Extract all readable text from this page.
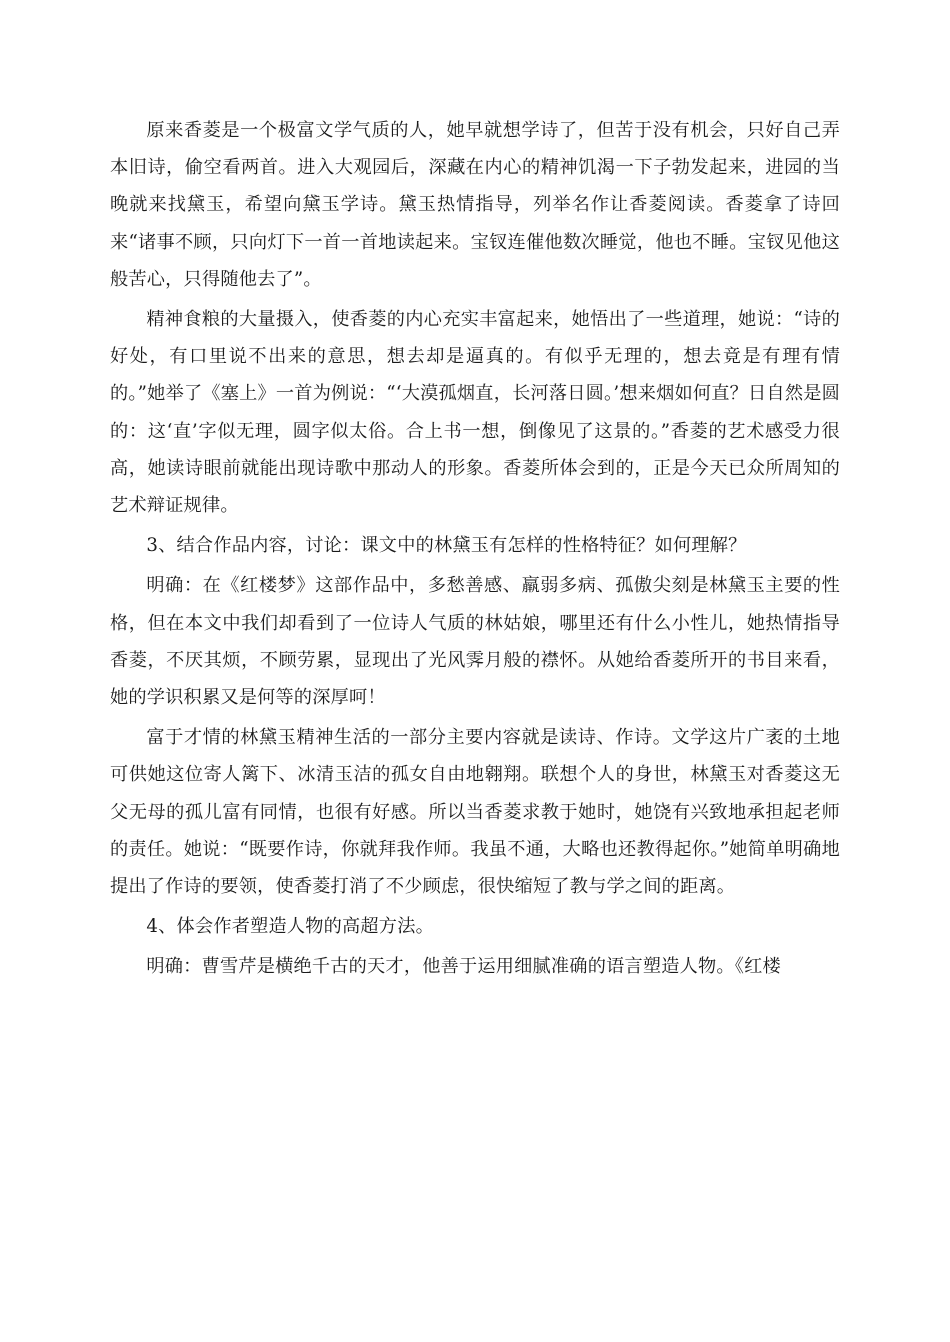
原来香菱是一个极富文学气质的人，她早就想学诗了，但苦于没有机会，只好自己弄本旧诗，偷空看两首。进入大观园后，深藏在内心的精神饥渴一下子勃发起来，进园的当晚就来找黛玉，希望向黛玉学诗。黛玉热情指导，列举名作让香菱阅读。香菱拿了诗回来“诸事不顾，只向灯下一首一首地读起来。宝钗连催他数次睡觉，他也不睡。宝钗见他这般苦心，只得随他去了”。

精神食粮的大量摄入，使香菱的内心充实丰富起来，她悟出了一些道理，她说：“诗的好处，有口里说不出来的意思，想去却是逼真的。有似乎无理的，想去竟是有理有情的。”她举了《塞上》一首为例说：“‘大漠孤烟直，长河落日圆。’想来烟如何直？日自然是圆的：这‘直’字似无理，圆字似太俗。合上书一想，倒像见了这景的。”香菱的艺术感受力很高，她读诗眼前就能出现诗歌中那动人的形象。香菱所体会到的，正是今天已众所周知的艺术辩证规律。

3、结合作品内容，讨论：课文中的林黛玉有怎样的性格特征？如何理解？

明确：在《红楼梦》这部作品中，多愁善感、羸弱多病、孤傲尖刻是林黛玉主要的性格，但在本文中我们却看到了一位诗人气质的林姑娘，哪里还有什么小性儿，她热情指导香菱，不厌其烦，不顾劳累，显现出了光风霁月般的襟怀。从她给香菱所开的书目来看，她的学识积累又是何等的深厚呵！

富于才情的林黛玉精神生活的一部分主要内容就是读诗、作诗。文学这片广袤的土地可供她这位寄人篱下、冰清玉洁的孤女自由地翱翔。联想个人的身世，林黛玉对香菱这无父无母的孤儿富有同情，也很有好感。所以当香菱求教于她时，她饶有兴致地承担起老师的责任。她说：“既要作诗，你就拜我作师。我虽不通，大略也还教得起你。”她简单明确地提出了作诗的要领，使香菱打消了不少顾虑，很快缩短了教与学之间的距离。

4、体会作者塑造人物的高超方法。

明确：曹雪芹是横绝千古的天才，他善于运用细腻准确的语言塑造人物。《红楼
